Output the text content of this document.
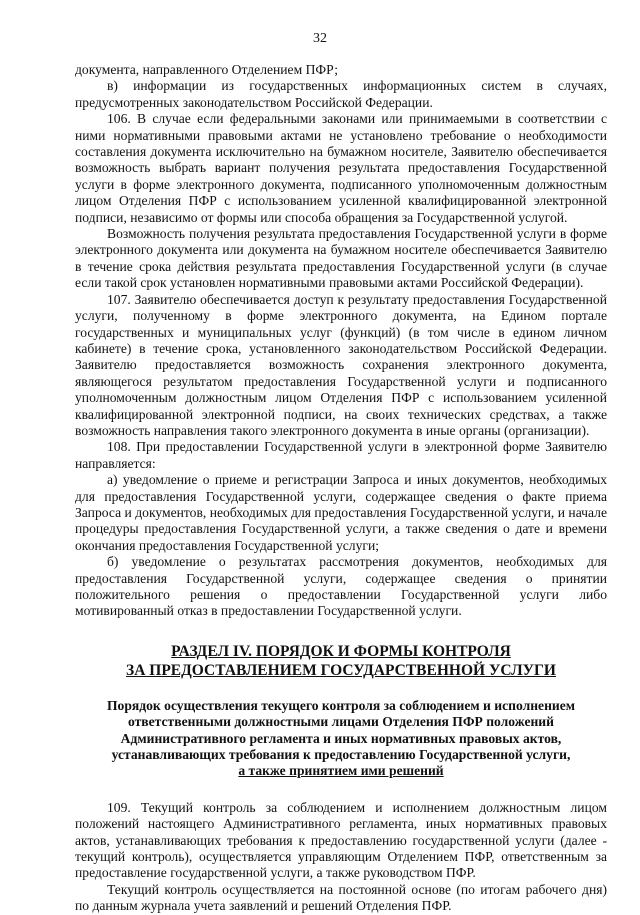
32

документа, направленного Отделением ПФР;

в) информации из государственных информационных систем в случаях, предусмотренных законодательством Российской Федерации.

106. В случае если федеральными законами или принимаемыми в соответствии с ними нормативными правовыми актами не установлено требование о необходимости составления документа исключительно на бумажном носителе, Заявителю обеспечивается возможность выбрать вариант получения результата предоставления Государственной услуги в форме электронного документа, подписанного уполномоченным должностным лицом Отделения ПФР с использованием усиленной квалифицированной электронной подписи, независимо от формы или способа обращения за Государственной услугой.

Возможность получения результата предоставления Государственной услуги в форме электронного документа или документа на бумажном носителе обеспечивается Заявителю в течение срока действия результата предоставления Государственной услуги (в случае если такой срок установлен нормативными правовыми актами Российской Федерации).

107. Заявителю обеспечивается доступ к результату предоставления Государственной услуги, полученному в форме электронного документа, на Едином портале государственных и муниципальных услуг (функций) (в том числе в едином личном кабинете) в течение срока, установленного законодательством Российской Федерации. Заявителю предоставляется возможность сохранения электронного документа, являющегося результатом предоставления Государственной услуги и подписанного уполномоченным должностным лицом Отделения ПФР с использованием усиленной квалифицированной электронной подписи, на своих технических средствах, а также возможность направления такого электронного документа в иные органы (организации).

108. При предоставлении Государственной услуги в электронной форме Заявителю направляется:

а) уведомление о приеме и регистрации Запроса и иных документов, необходимых для предоставления Государственной услуги, содержащее сведения о факте приема Запроса и документов, необходимых для предоставления Государственной услуги, и начале процедуры предоставления Государственной услуги, а также сведения о дате и времени окончания предоставления Государственной услуги;

б) уведомление о результатах рассмотрения документов, необходимых для предоставления Государственной услуги, содержащее сведения о принятии положительного решения о предоставлении Государственной услуги либо мотивированный отказ в предоставлении Государственной услуги.

РАЗДЕЛ IV. ПОРЯДОК И ФОРМЫ КОНТРОЛЯ
ЗА ПРЕДОСТАВЛЕНИЕМ ГОСУДАРСТВЕННОЙ УСЛУГИ
Порядок осуществления текущего контроля за соблюдением и исполнением
ответственными должностными лицами Отделения ПФР положений
Административного регламента и иных нормативных правовых актов,
устанавливающих требования к предоставлению Государственной услуги,
а также принятием ими решений

109. Текущий контроль за соблюдением и исполнением должностным лицом положений настоящего Административного регламента, иных нормативных правовых актов, устанавливающих требования к предоставлению государственной услуги (далее - текущий контроль), осуществляется управляющим Отделением ПФР, ответственным за предоставление государственной услуги, а также руководством ПФР.

Текущий контроль осуществляется на постоянной основе (по итогам рабочего дня) по данным журнала учета заявлений и решений Отделения ПФР.
